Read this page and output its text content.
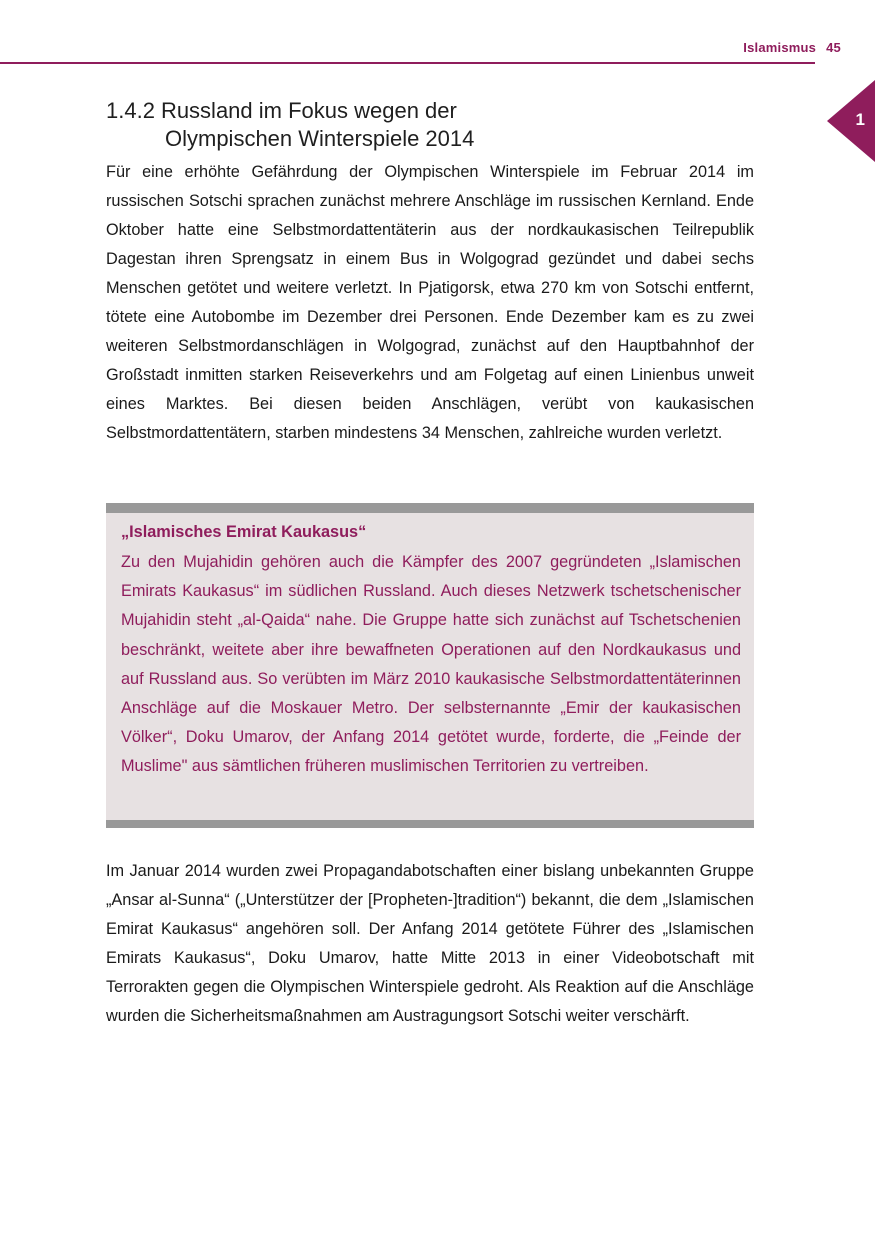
Islamismus 45
1
1.4.2 Russland im Fokus wegen der
Olympischen Winterspiele 2014

Für eine erhöhte Gefährdung der Olympischen Winterspiele im Februar 2014 im russischen Sotschi sprachen zunächst mehrere Anschläge im russischen Kernland. Ende Oktober hatte eine Selbstmordattentäterin aus der nordkaukasischen Teilrepublik Dagestan ihren Sprengsatz in einem Bus in Wolgograd gezündet und dabei sechs Menschen getötet und weitere verletzt. In Pjatigorsk, etwa 270 km von Sotschi entfernt, tötete eine Autobombe im Dezember drei Personen. Ende Dezember kam es zu zwei weiteren Selbstmordanschlägen in Wolgograd, zunächst auf den Hauptbahnhof der Großstadt inmitten starken Reiseverkehrs und am Folgetag auf einen Linienbus unweit eines Marktes. Bei diesen beiden Anschlägen, verübt von kaukasischen Selbstmordattentätern, starben mindestens 34 Menschen, zahlreiche wurden verletzt.

„Islamisches Emirat Kaukasus“

Zu den Mujahidin gehören auch die Kämpfer des 2007 gegründeten „Islamischen Emirats Kaukasus“ im südlichen Russland. Auch dieses Netzwerk tschetschenischer Mujahidin steht „al-Qaida“ nahe. Die Gruppe hatte sich zunächst auf Tschetschenien beschränkt, weitete aber ihre bewaffneten Operationen auf den Nordkaukasus und auf Russland aus. So verübten im März 2010 kaukasische Selbstmordattentäterinnen Anschläge auf die Moskauer Metro. Der selbsternannte „Emir der kaukasischen Völker“, Doku Umarov, der Anfang 2014 getötet wurde, forderte, die „Feinde der Muslime" aus sämtlichen früheren muslimischen Territorien zu vertreiben.

Im Januar 2014 wurden zwei Propagandabotschaften einer bislang unbekannten Gruppe „Ansar al-Sunna“ („Unterstützer der [Propheten-]tradition“) bekannt, die dem „Islamischen Emirat Kaukasus“ angehören soll. Der Anfang 2014 getötete Führer des „Islamischen Emirats Kaukasus“, Doku Umarov, hatte Mitte 2013 in einer Videobotschaft mit Terrorakten gegen die Olympischen Winterspiele gedroht. Als Reaktion auf die Anschläge wurden die Sicherheitsmaßnahmen am Austragungsort Sotschi weiter verschärft.
